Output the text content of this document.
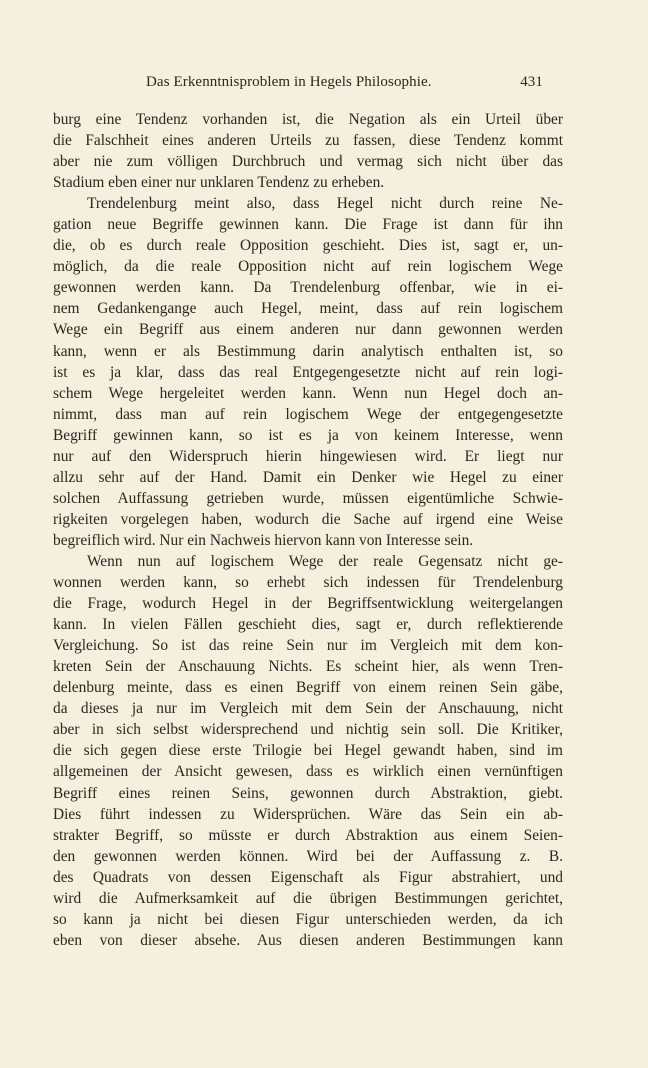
Das Erkenntnisproblem in Hegels Philosophie.	431
burg eine Tendenz vorhanden ist, die Negation als ein Urteil über
die Falschheit eines anderen Urteils zu fassen, diese Tendenz kommt
aber nie zum völligen Durchbruch und vermag sich nicht über das
Stadium eben einer nur unklaren Tendenz zu erheben.
Trendelenburg meint also, dass Hegel nicht durch reine Ne-
gation neue Begriffe gewinnen kann. Die Frage ist dann für ihn
die, ob es durch reale Opposition geschieht. Dies ist, sagt er, un-
möglich, da die reale Opposition nicht auf rein logischem Wege
gewonnen werden kann. Da Trendelenburg offenbar, wie in ei-
nem Gedankengange auch Hegel, meint, dass auf rein logischem
Wege ein Begriff aus einem anderen nur dann gewonnen werden
kann, wenn er als Bestimmung darin analytisch enthalten ist, so
ist es ja klar, dass das real Entgegengesetzte nicht auf rein logi-
schem Wege hergeleitet werden kann. Wenn nun Hegel doch an-
nimmt, dass man auf rein logischem Wege der entgegengesetzte
Begriff gewinnen kann, so ist es ja von keinem Interesse, wenn
nur auf den Widerspruch hierin hingewiesen wird. Er liegt nur
allzu sehr auf der Hand. Damit ein Denker wie Hegel zu einer
solchen Auffassung getrieben wurde, müssen eigentümliche Schwie-
rigkeiten vorgelegen haben, wodurch die Sache auf irgend eine Weise
begreiflich wird. Nur ein Nachweis hiervon kann von Interesse sein.
Wenn nun auf logischem Wege der reale Gegensatz nicht ge-
wonnen werden kann, so erhebt sich indessen für Trendelenburg
die Frage, wodurch Hegel in der Begriffsentwicklung weitergelangen
kann. In vielen Fällen geschieht dies, sagt er, durch reflektierende
Vergleichung. So ist das reine Sein nur im Vergleich mit dem kon-
kreten Sein der Anschauung Nichts. Es scheint hier, als wenn Tren-
delenburg meinte, dass es einen Begriff von einem reinen Sein gäbe,
da dieses ja nur im Vergleich mit dem Sein der Anschauung, nicht
aber in sich selbst widersprechend und nichtig sein soll. Die Kritiker,
die sich gegen diese erste Trilogie bei Hegel gewandt haben, sind im
allgemeinen der Ansicht gewesen, dass es wirklich einen vernünftigen
Begriff eines reinen Seins, gewonnen durch Abstraktion, giebt.
Dies führt indessen zu Widersprüchen. Wäre das Sein ein ab-
strakter Begriff, so müsste er durch Abstraktion aus einem Seien-
den gewonnen werden können. Wird bei der Auffassung z. B.
des Quadrats von dessen Eigenschaft als Figur abstrahiert, und
wird die Aufmerksamkeit auf die übrigen Bestimmungen gerichtet,
so kann ja nicht bei diesen Figur unterschieden werden, da ich
eben von dieser absehe. Aus diesen anderen Bestimmungen kann
